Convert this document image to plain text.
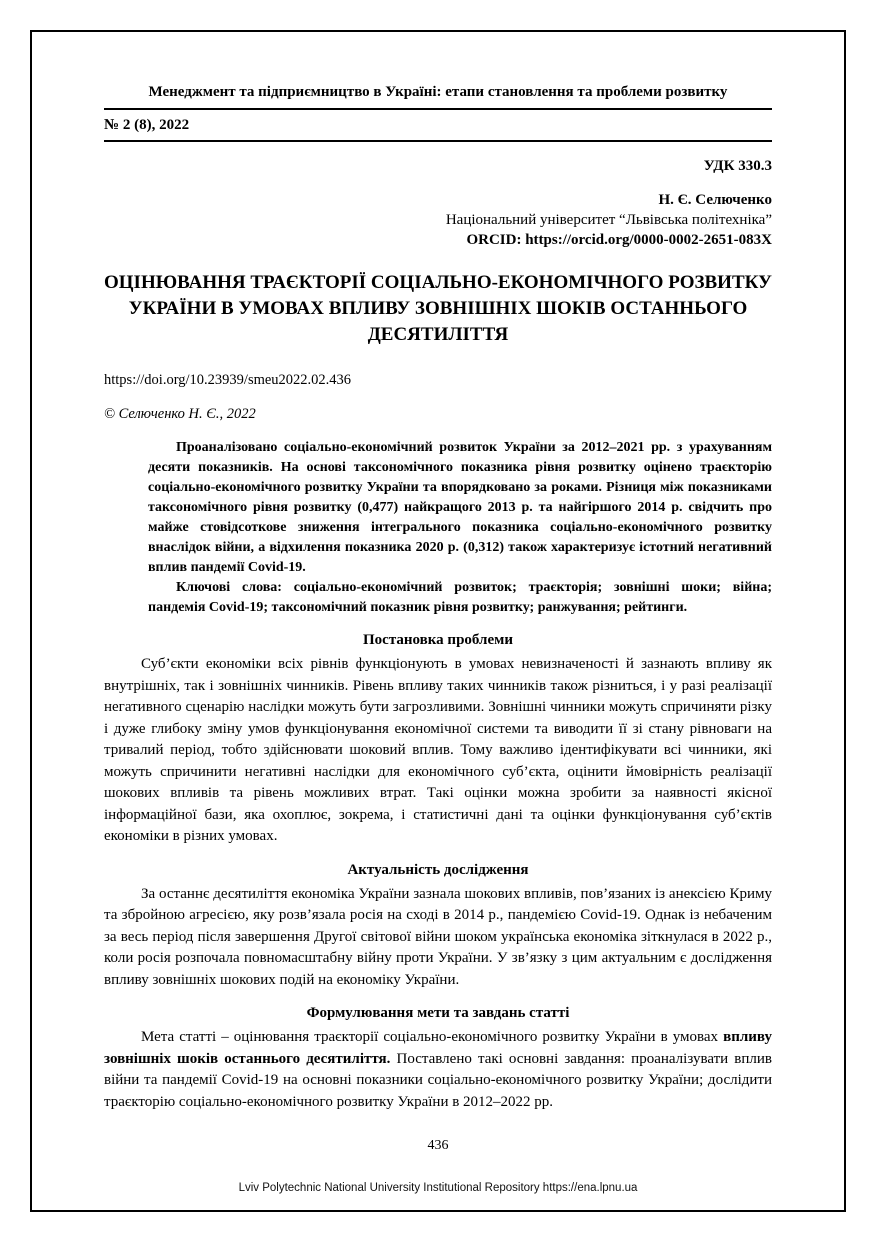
Менеджмент та підприємництво в Україні: етапи становлення та проблеми розвитку
№ 2 (8), 2022
УДК 330.3
Н. Є. Селюченко
Національний університет “Львівська політехніка”
ORCID: https://orcid.org/0000-0002-2651-083X
ОЦІНЮВАННЯ ТРАЄКТОРІЇ СОЦІАЛЬНО-ЕКОНОМІЧНОГО РОЗВИТКУ УКРАЇНИ В УМОВАХ ВПЛИВУ ЗОВНІШНІХ ШОКІВ ОСТАННЬОГО ДЕСЯТИЛІТТЯ
https://doi.org/10.23939/smeu2022.02.436
© Селюченко Н. Є., 2022

Проаналізовано соціально-економічний розвиток України за 2012–2021 рр. з урахуванням десяти показників. На основі таксономічного показника рівня розвитку оцінено траєкторію соціально-економічного розвитку України та впорядковано за роками. Різниця між показниками таксономічного рівня розвитку (0,477) найкращого 2013 р. та найгіршого 2014 р. свідчить про майже стовідсоткове зниження інтегрального показника соціально-економічного розвитку внаслідок війни, а відхилення показника 2020 р. (0,312) також характеризує істотний негативний вплив пандемії Covid-19.

Ключові слова: соціально-економічний розвиток; траєкторія; зовнішні шоки; війна; пандемія Covid-19; таксономічний показник рівня розвитку; ранжування; рейтинги.

Постановка проблеми

Суб’єкти економіки всіх рівнів функціонують в умовах невизначеності й зазнають впливу як внутрішніх, так і зовнішніх чинників. Рівень впливу таких чинників також різниться, і у разі реалізації негативного сценарію наслідки можуть бути загрозливими. Зовнішні чинники можуть спричиняти різку і дуже глибоку зміну умов функціонування економічної системи та виводити її зі стану рівноваги на тривалий період, тобто здійснювати шоковий вплив. Тому важливо ідентифікувати всі чинники, які можуть спричинити негативні наслідки для економічного суб’єкта, оцінити ймовірність реалізації шокових впливів та рівень можливих втрат. Такі оцінки можна зробити за наявності якісної інформаційної бази, яка охоплює, зокрема, і статистичні дані та оцінки функціонування суб’єктів економіки в різних умовах.

Актуальність дослідження

За останнє десятиліття економіка України зазнала шокових впливів, пов’язаних із анексією Криму та збройною агресією, яку розв’язала росія на сході в 2014 р., пандемією Covid-19. Однак із небаченим за весь період після завершення Другої світової війни шоком українська економіка зіткнулася в 2022 р., коли росія розпочала повномасштабну війну проти України. У зв’язку з цим актуальним є дослідження впливу зовнішніх шокових подій на економіку України.

Формулювання мети та завдань статті

Мета статті – оцінювання траєкторії соціально-економічного розвитку України в умовах впливу зовнішніх шоків останнього десятиліття. Поставлено такі основні завдання: проаналізувати вплив війни та пандемії Covid-19 на основні показники соціально-економічного розвитку України; дослідити траєкторію соціально-економічного розвитку України в 2012–2022 рр.

436
Lviv Polytechnic National University Institutional Repository https://ena.lpnu.ua
